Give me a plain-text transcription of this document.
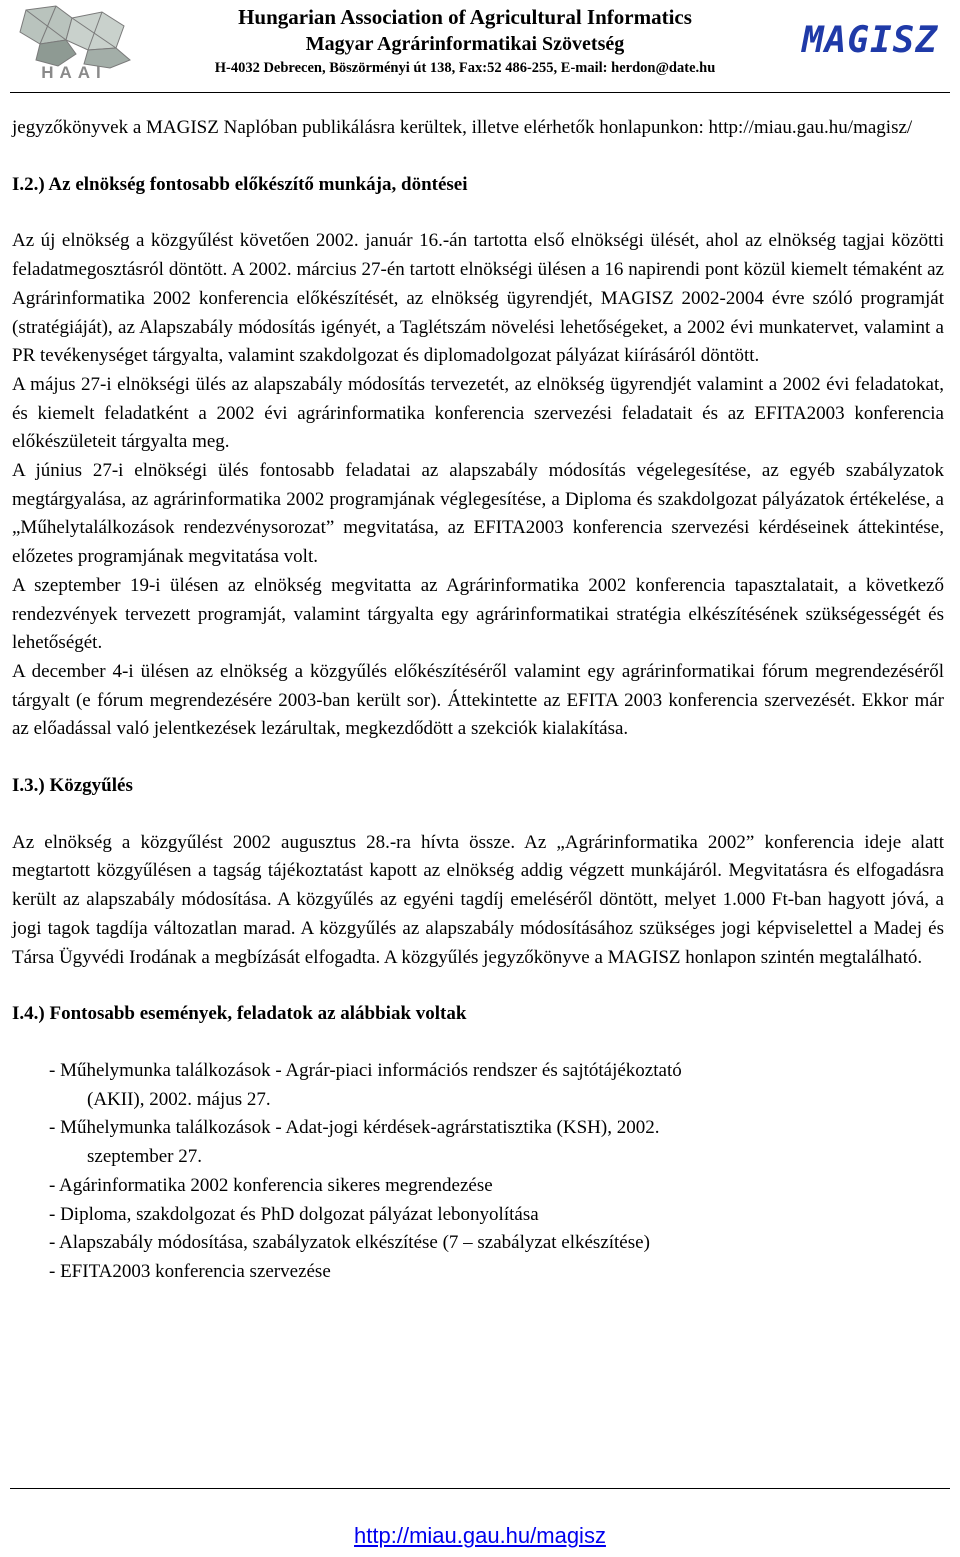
HAAI
Hungarian Association of Agricultural Informatics
Magyar Agrárinformatikai Szövetség
H-4032 Debrecen, Böszörményi út 138, Fax:52 486-255, E-mail: herdon@date.hu
MAGISZ

jegyzőkönyvek a MAGISZ Naplóban publikálásra kerültek, illetve elérhetők honlapunkon: http://miau.gau.hu/magisz/

I.2.) Az elnökség fontosabb előkészítő munkája, döntései

Az új elnökség a közgyűlést követően 2002. január 16.-án tartotta első elnökségi ülését, ahol az elnökség tagjai közötti feladatmegosztásról döntött. A 2002. március 27-én tartott elnökségi ülésen a 16 napirendi pont közül kiemelt témaként az Agrárinformatika 2002 konferencia előkészítését, az elnökség ügyrendjét, MAGISZ 2002-2004 évre szóló programját (stratégiáját), az Alapszabály módosítás igényét, a Taglétszám növelési lehetőségeket, a 2002 évi munkatervet, valamint a PR tevékenységet tárgyalta, valamint szakdolgozat és diplomadolgozat pályázat kiírásáról döntött.

A május 27-i elnökségi ülés az alapszabály módosítás tervezetét, az elnökség ügyrendjét valamint a 2002 évi feladatokat, és kiemelt feladatként a 2002 évi agrárinformatika konferencia szervezési feladatait és az EFITA2003 konferencia előkészületeit tárgyalta meg.

A június 27-i elnökségi ülés fontosabb feladatai az alapszabály módosítás végelegesítése, az egyéb szabályzatok megtárgyalása, az agrárinformatika 2002 programjának véglegesítése, a Diploma és szakdolgozat pályázatok értékelése, a „Műhelytalálkozások rendezvénysorozat” megvitatása, az EFITA2003 konferencia szervezési kérdéseinek áttekintése, előzetes programjának megvitatása volt.

A szeptember 19-i ülésen az elnökség megvitatta az Agrárinformatika 2002 konferencia tapasztalatait, a következő rendezvények tervezett programját, valamint tárgyalta egy agrárinformatikai stratégia elkészítésének szükségességét és lehetőségét.

A december 4-i ülésen az elnökség a közgyűlés előkészítéséről valamint egy agrárinformatikai fórum megrendezéséről tárgyalt (e fórum megrendezésére 2003-ban került sor). Áttekintette az EFITA 2003 konferencia szervezését. Ekkor már az előadással való jelentkezések lezárultak, megkezdődött a szekciók kialakítása.

I.3.) Közgyűlés

Az elnökség a közgyűlést 2002 augusztus 28.-ra hívta össze. Az „Agrárinformatika 2002” konferencia ideje alatt megtartott közgyűlésen a tagság tájékoztatást kapott az elnökség addig végzett munkájáról. Megvitatásra és elfogadásra került az alapszabály módosítása. A közgyűlés az egyéni tagdíj emeléséről döntött, melyet 1.000 Ft-ban hagyott jóvá, a jogi tagok tagdíja változatlan marad. A közgyűlés az alapszabály módosításához szükséges jogi képviselettel a Madej és Társa Ügyvédi Irodának a megbízását elfogadta. A közgyűlés jegyzőkönyve a MAGISZ honlapon szintén megtalálható.

I.4.) Fontosabb események, feladatok az alábbiak voltak

- Műhelymunka találkozások - Agrár-piaci információs rendszer és sajtótájékoztató
(AKII), 2002. május 27.
- Műhelymunka találkozások - Adat-jogi kérdések-agrárstatisztika (KSH), 2002.
szeptember 27.
- Agárinformatika 2002 konferencia sikeres megrendezése
- Diploma, szakdolgozat és PhD dolgozat pályázat lebonyolítása
- Alapszabály módosítása, szabályzatok elkészítése (7 – szabályzat elkészítése)
- EFITA2003 konferencia szervezése
http://miau.gau.hu/magisz
